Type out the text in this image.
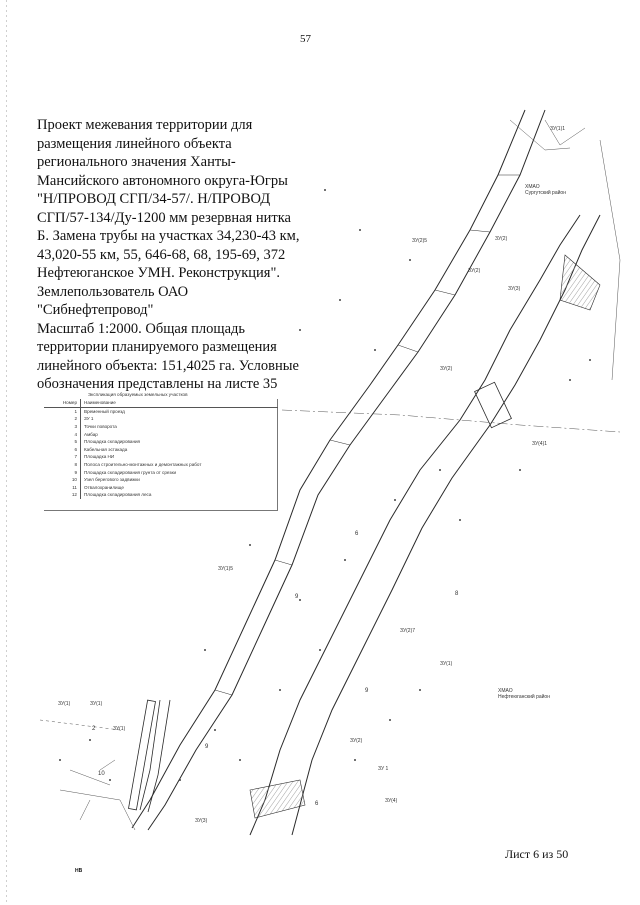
57
Проект межевания территории для
размещения линейного объекта
регионального значения Ханты-
Мансийского автономного округа-Югры
"Н/ПРОВОД СГП/34-57/. Н/ПРОВОД
СГП/57-134/Ду-1200 мм резервная нитка
Б. Замена трубы на участках 34,230-43 км,
43,020-55 км, 55, 646-68, 68, 195-69, 372
Нефтеюганское УМН. Реконструкция".
Землепользователь ОАО
"Сибнефтепровод"
Масштаб 1:2000. Общая площадь
территории планируемого размещения
линейного объекта: 151,4025 га. Условные
обозначения представлены на листе 35
ЗУ(1)1
ХМАО Сургутский район
ЗУ(2)5
ЗУ(2)
ЗУ(3)
ЗУ(2)
ЗУ(2)
ЗУ(4)1
ЗУ(1)5
ЗУ(2)7
ЗУ(1)
ХМАО Нефтеюганский район
ЗУ(1)	ЗУ(1)
ЗУ(1)
ЗУ(2)
ЗУ 1
ЗУ(4)
ЗУ(3)
6
6
9
9
9
2
8
10
Экспликация образуемых земельных участков
Номер	Наименование
1	Временный проезд
2	ЗУ 1
3	Точки поворота
4	Амбар
5	Площадка складирования
6	Кабельная эстакада
7	Площадка НИ
8	Полоса строительно-монтажных и демонтажных работ
9	Площадка складирования грунта от срезки
10	Узел берегового задвижки
11	Отвалохранилище
12	Площадка складирования леса
Лист 6 из 50
НВ
